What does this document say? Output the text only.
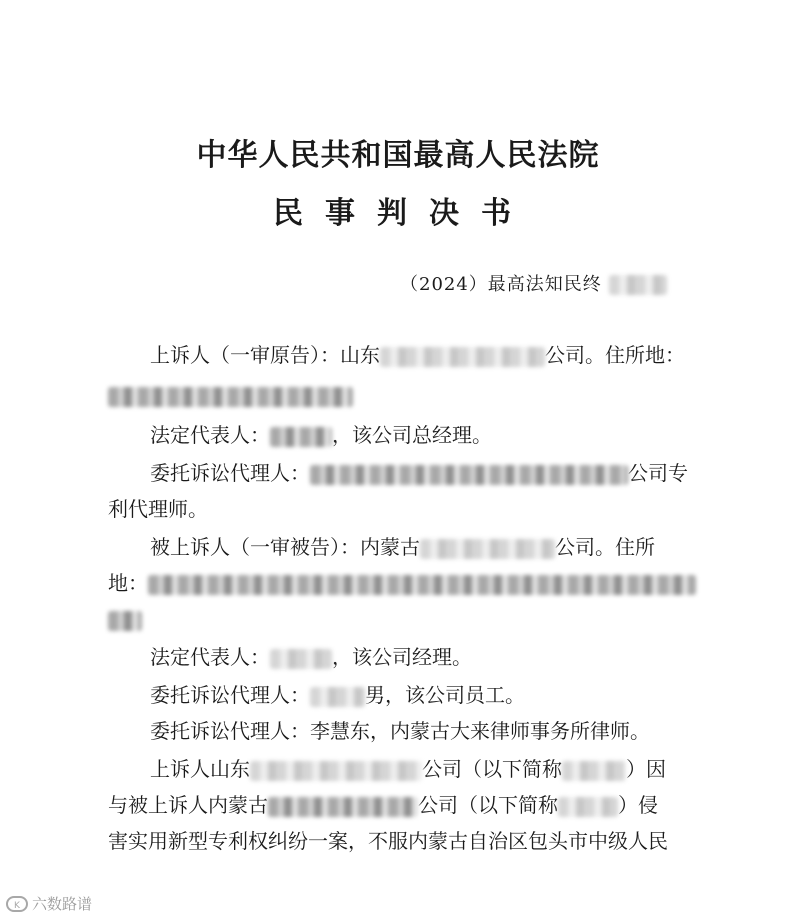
中华人民共和国最高人民法院
民事判决书
（2024）最高法知民终
上诉人（一审原告）：山东	公司。住所地：
法定代表人：	，该公司总经理。
委托诉讼代理人：	公司专
利代理师。
被上诉人（一审被告）：内蒙古	公司。住所
地：
法定代表人：	，该公司经理。
委托诉讼代理人：	男，该公司员工。
委托诉讼代理人：李慧东，内蒙古大来律师事务所律师。
上诉人山东	公司（以下简称	）因
与被上诉人内蒙古	公司（以下简称	）侵
害实用新型专利权纠纷一案，不服内蒙古自治区包头市中级人民
K 六数路谱
